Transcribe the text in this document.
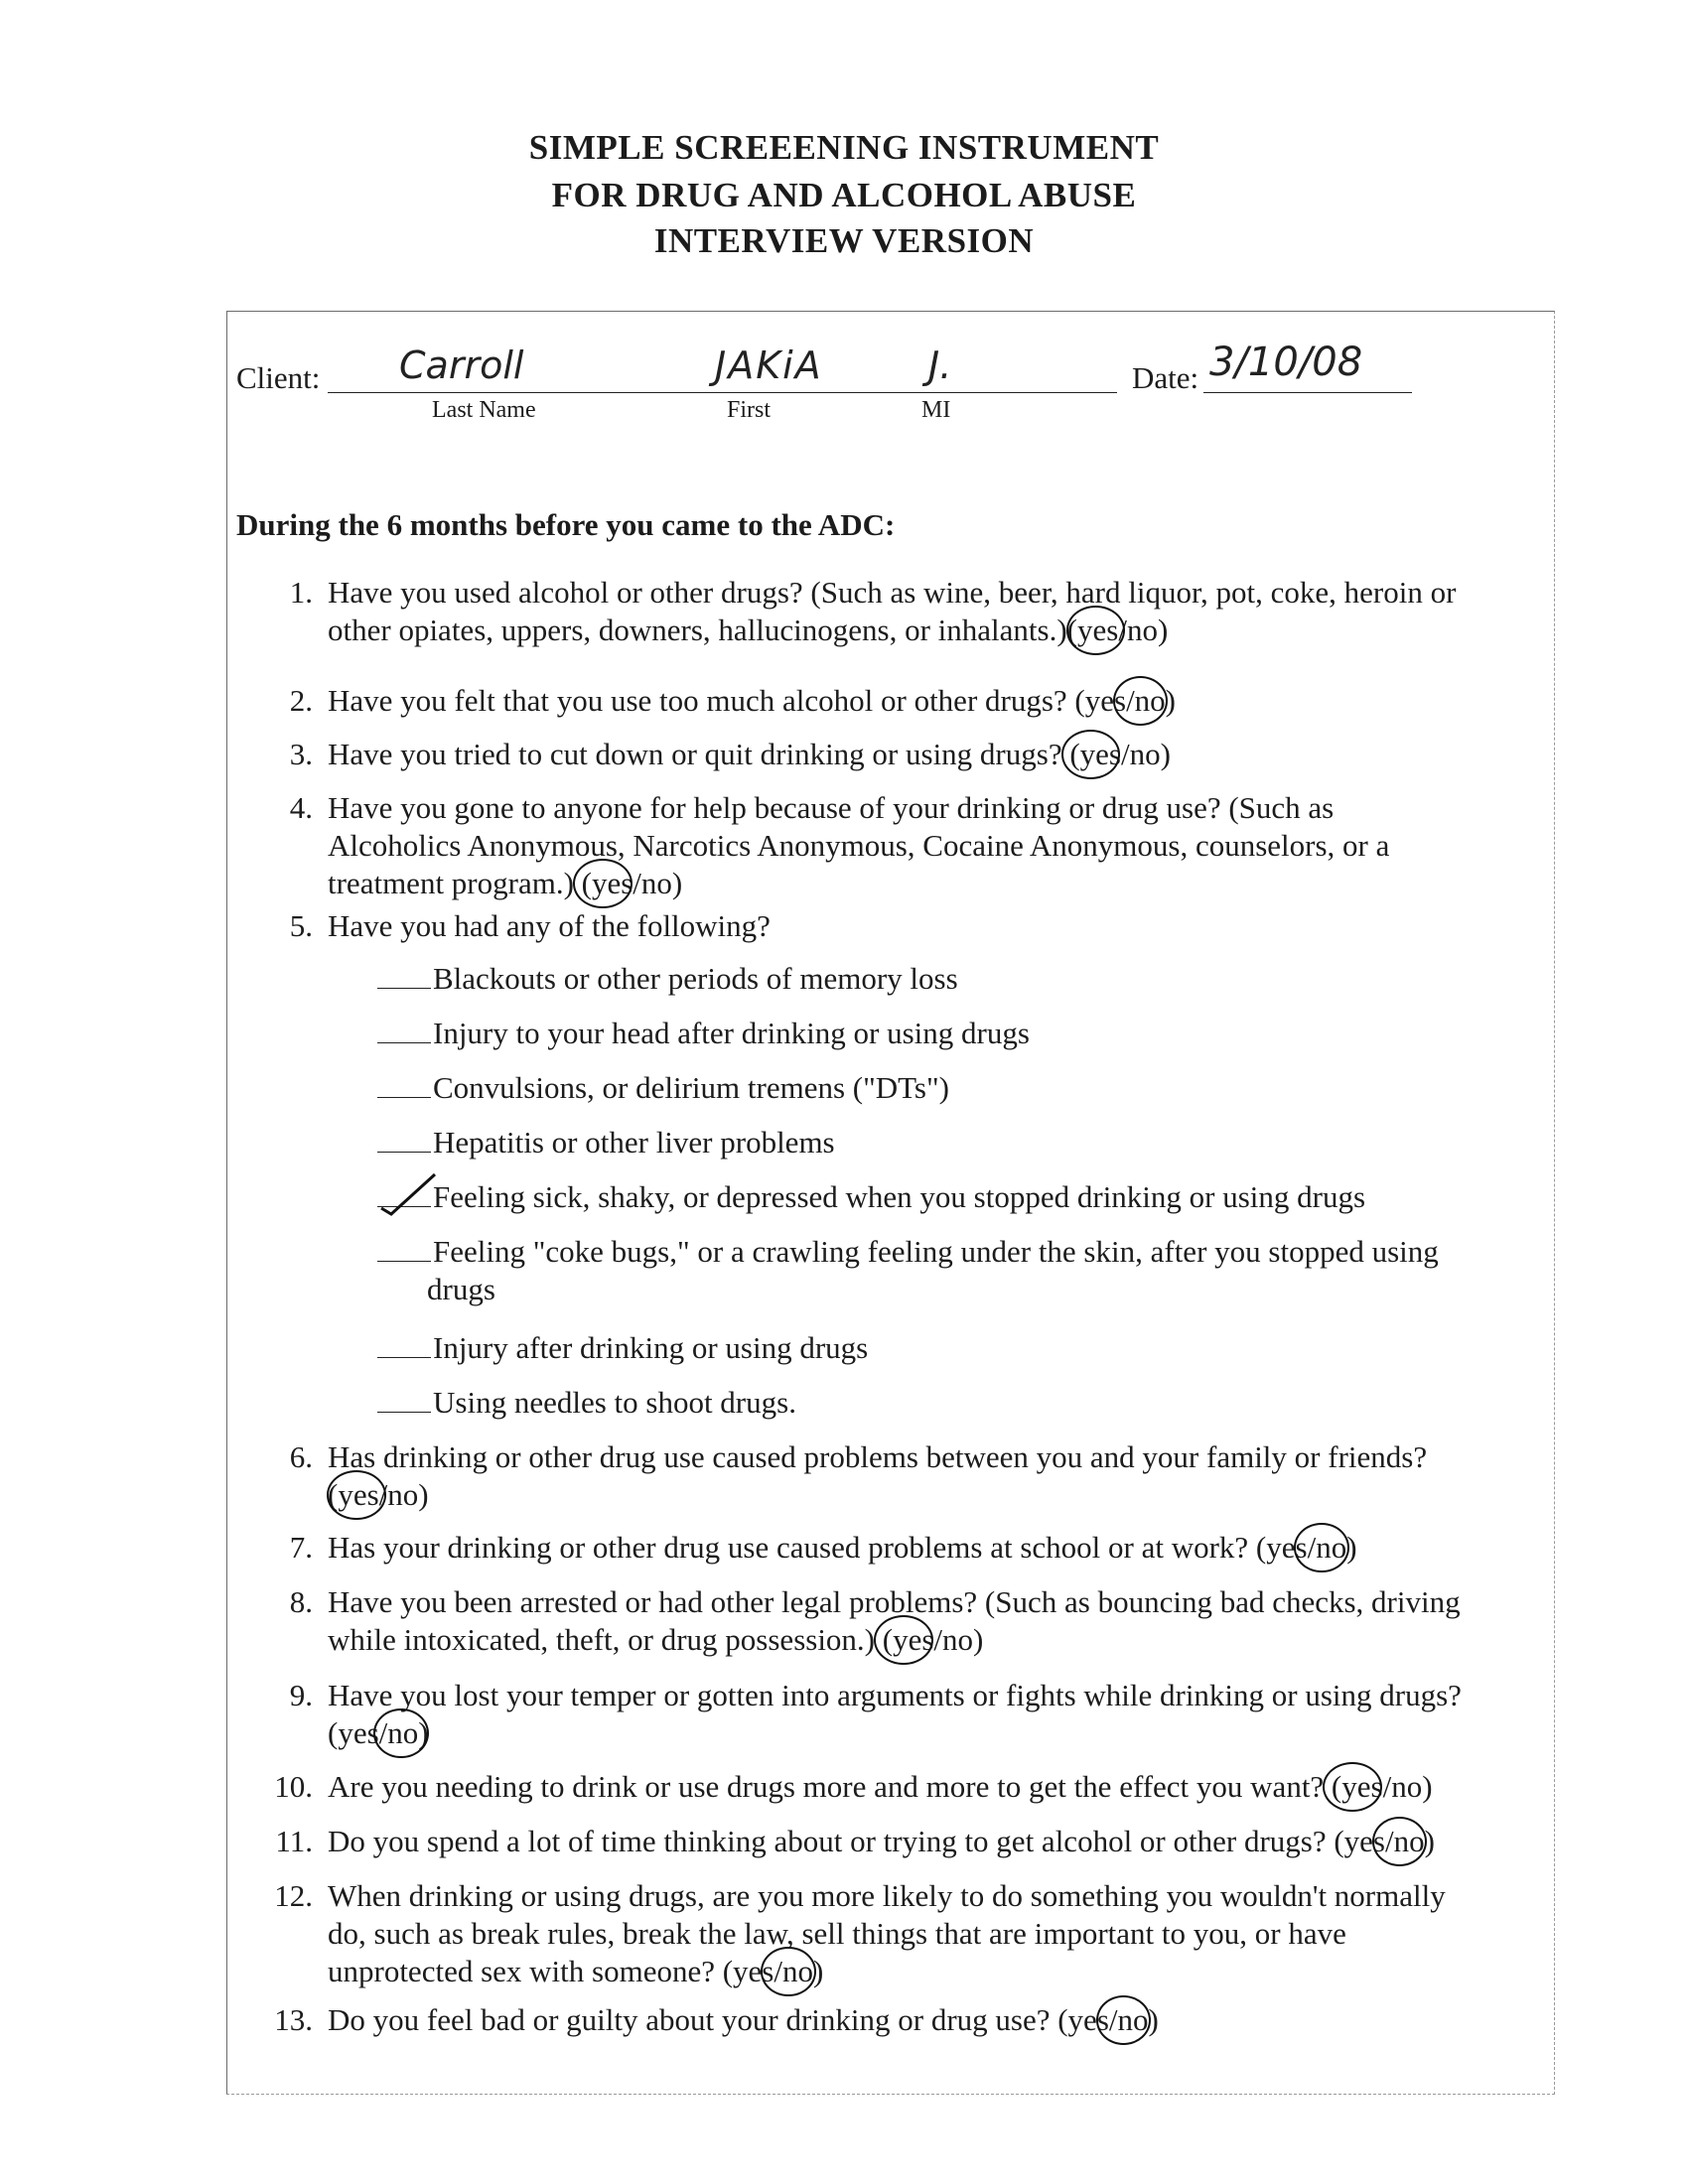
SIMPLE SCREEENING INSTRUMENT
FOR DRUG AND ALCOHOL ABUSE
INTERVIEW VERSION
Client: Carroll	JAKiA	J.
Last Name	First	MI
Date: 3/10/08
During the 6 months before you came to the ADC:
1. Have you used alcohol or other drugs? (Such as wine, beer, hard liquor, pot, coke, heroin or
other opiates, uppers, downers, hallucinogens, or inhalants.)(yes/no)
2. Have you felt that you use too much alcohol or other drugs? (yes/no)
3. Have you tried to cut down or quit drinking or using drugs? (yes/no)
4. Have you gone to anyone for help because of your drinking or drug use? (Such as
Alcoholics Anonymous, Narcotics Anonymous, Cocaine Anonymous, counselors, or a
treatment program.) (yes/no)
5. Have you had any of the following?
6. Has drinking or other drug use caused problems between you and your family or friends?
(yes/no)
7. Has your drinking or other drug use caused problems at school or at work? (yes/no)
8. Have you been arrested or had other legal problems? (Such as bouncing bad checks, driving
while intoxicated, theft, or drug possession.) (yes/no)
9. Have you lost your temper or gotten into arguments or fights while drinking or using drugs?
(yes/no)
10. Are you needing to drink or use drugs more and more to get the effect you want? (yes/no)
11. Do you spend a lot of time thinking about or trying to get alcohol or other drugs? (yes/no)
12. When drinking or using drugs, are you more likely to do something you wouldn't normally
do, such as break rules, break the law, sell things that are important to you, or have
unprotected sex with someone? (yes/no)
13. Do you feel bad or guilty about your drinking or drug use? (yes/no)
Blackouts or other periods of memory loss
Injury to your head after drinking or using drugs
Convulsions, or delirium tremens ("DTs")
Hepatitis or other liver problems
Feeling sick, shaky, or depressed when you stopped drinking or using drugs
Feeling "coke bugs," or a crawling feeling under the skin, after you stopped using
drugs
Injury after drinking or using drugs
Using needles to shoot drugs.
